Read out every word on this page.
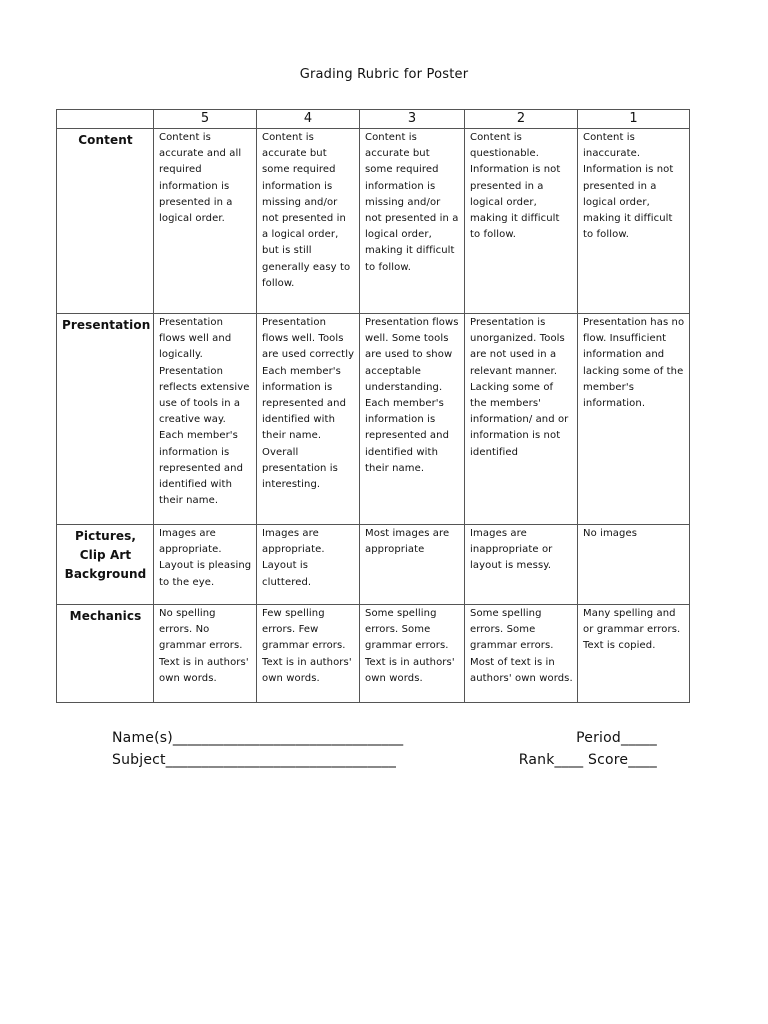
Grading Rubric for Poster
	5	4	3	2	1
Content	Content is accurate and all required information is presented in a logical order.	Content is accurate but some required information is missing and/or not presented in a logical order, but is still generally easy to follow.	Content is accurate but some required information is missing and/or not presented in a logical order, making it difficult to follow.	Content is questionable. Information is not presented in a logical order, making it difficult to follow.	Content is inaccurate. Information is not presented in a logical order, making it difficult to follow.
Presentation	Presentation flows well and logically. Presentation reflects extensive use of tools in a creative way. Each member's information is represented and identified with their name.	Presentation flows well. Tools are used correctly Each member's information is represented and identified with their name. Overall presentation is interesting.	Presentation flows well. Some tools are used to show acceptable understanding. Each member's information is represented and identified with their name.	Presentation is unorganized. Tools are not used in a relevant manner. Lacking some of the members' information/ and or information is not identified	Presentation has no flow. Insufficient information and lacking some of the member's information.
Pictures, Clip Art Background	Images are appropriate. Layout is pleasing to the eye.	Images are appropriate. Layout is cluttered.	Most images are appropriate	Images are inappropriate or layout is messy.	No images
Mechanics	No spelling errors. No grammar errors. Text is in authors' own words.	Few spelling errors. Few grammar errors. Text is in authors' own words.	Some spelling errors. Some grammar errors. Text is in authors' own words.	Some spelling errors. Some grammar errors. Most of text is in authors' own words.	Many spelling and or grammar errors. Text is copied.
Name(s)________________________________	Period_____
Subject________________________________	Rank____ Score____
